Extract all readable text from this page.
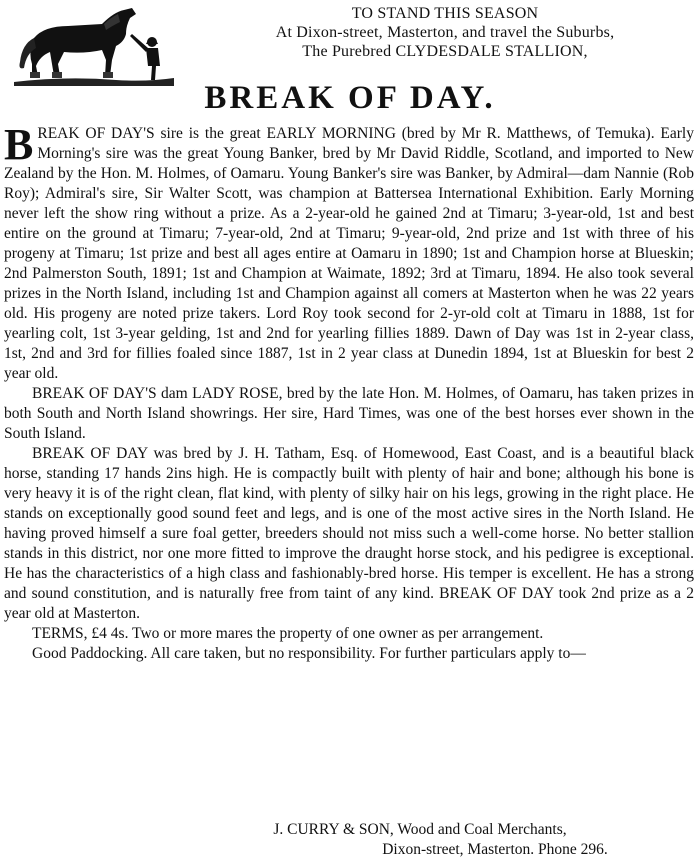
TO STAND THIS SEASON
At Dixon-street, Masterton, and travel the Suburbs,
The Purebred CLYDESDALE STALLION,
BREAK OF DAY.

BREAK OF DAY'S sire is the great EARLY MORNING (bred by Mr R. Matthews, of Temuka). Early Morning's sire was the great Young Banker, bred by Mr David Riddle, Scotland, and imported to New Zealand by the Hon. M. Holmes, of Oamaru. Young Banker's sire was Banker, by Admiral—dam Nannie (Rob Roy); Admiral's sire, Sir Walter Scott, was champion at Battersea International Exhibition. Early Morning never left the show ring without a prize. As a 2-year-old he gained 2nd at Timaru; 3-year-old, 1st and best entire on the ground at Timaru; 7-year-old, 2nd at Timaru; 9-year-old, 2nd prize and 1st with three of his progeny at Timaru; 1st prize and best all ages entire at Oamaru in 1890; 1st and Champion horse at Blueskin; 2nd Palmerston South, 1891; 1st and Champion at Waimate, 1892; 3rd at Timaru, 1894. He also took several prizes in the North Island, including 1st and Champion against all comers at Masterton when he was 22 years old. His progeny are noted prize takers. Lord Roy took second for 2-yr-old colt at Timaru in 1888, 1st for yearling colt, 1st 3-year gelding, 1st and 2nd for yearling fillies 1889. Dawn of Day was 1st in 2-year class, 1st, 2nd and 3rd for fillies foaled since 1887, 1st in 2 year class at Dunedin 1894, 1st at Blueskin for best 2 year old.

BREAK OF DAY'S dam LADY ROSE, bred by the late Hon. M. Holmes, of Oamaru, has taken prizes in both South and North Island showrings. Her sire, Hard Times, was one of the best horses ever shown in the South Island.

BREAK OF DAY was bred by J. H. Tatham, Esq. of Homewood, East Coast, and is a beautiful black horse, standing 17 hands 2ins high. He is compactly built with plenty of hair and bone; although his bone is very heavy it is of the right clean, flat kind, with plenty of silky hair on his legs, growing in the right place. He stands on exceptionally good sound feet and legs, and is one of the most active sires in the North Island. He having proved himself a sure foal getter, breeders should not miss such a well-come horse. No better stallion stands in this district, nor one more fitted to improve the draught horse stock, and his pedigree is exceptional. He has the characteristics of a high class and fashionably-bred horse. His temper is excellent. He has a strong and sound constitution, and is naturally free from taint of any kind. BREAK OF DAY took 2nd prize as a 2 year old at Masterton.

TERMS, £4 4s. Two or more mares the property of one owner as per arrangement.

Good Paddocking. All care taken, but no responsibility. For further particulars apply to—

J. CURRY & SON, Wood and Coal Merchants,
Dixon-street, Masterton. Phone 296.
